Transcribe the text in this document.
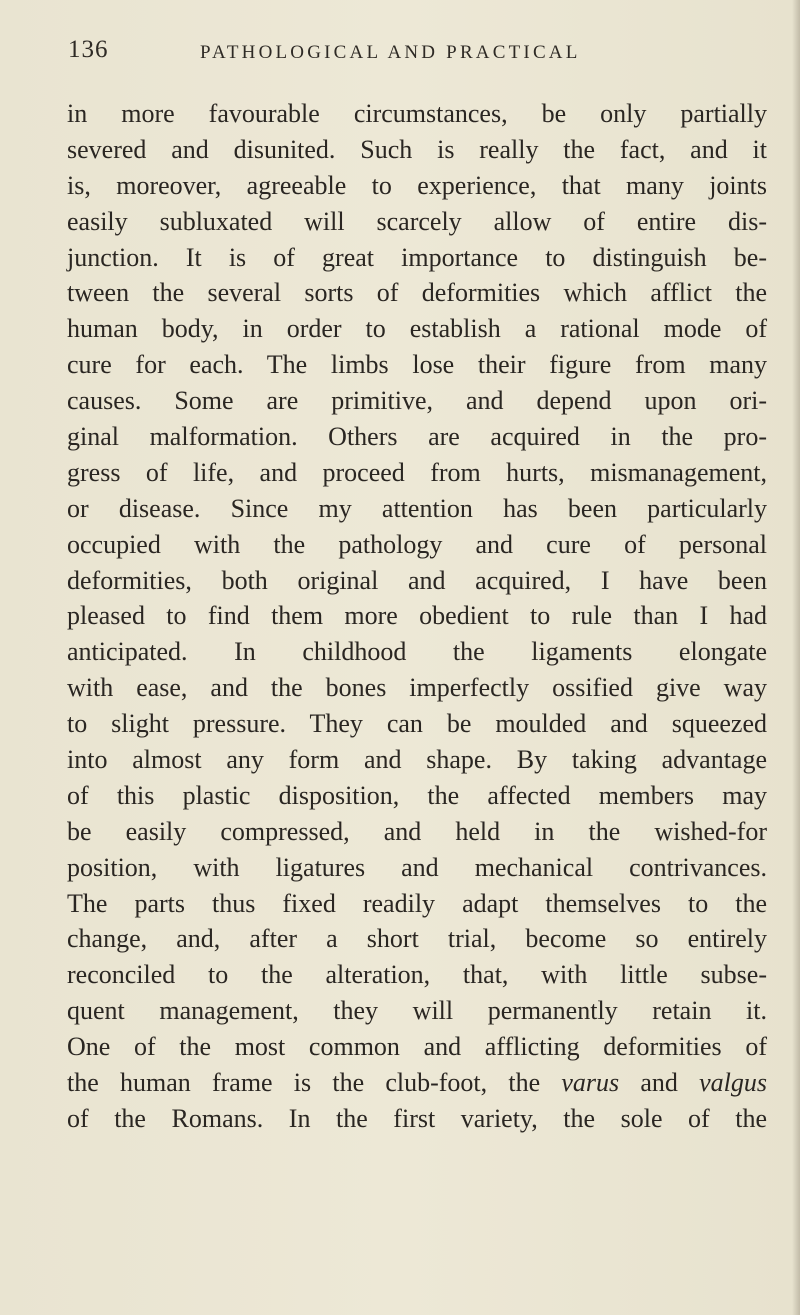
136	PATHOLOGICAL AND PRACTICAL
in more favourable circumstances, be only partially
severed and disunited. Such is really the fact, and it
is, moreover, agreeable to experience, that many joints
easily subluxated will scarcely allow of entire dis-
junction. It is of great importance to distinguish be-
tween the several sorts of deformities which afflict the
human body, in order to establish a rational mode of
cure for each. The limbs lose their figure from many
causes. Some are primitive, and depend upon ori-
ginal malformation. Others are acquired in the pro-
gress of life, and proceed from hurts, mismanagement,
or disease. Since my attention has been particularly
occupied with the pathology and cure of personal
deformities, both original and acquired, I have been
pleased to find them more obedient to rule than I had
anticipated. In childhood the ligaments elongate
with ease, and the bones imperfectly ossified give way
to slight pressure. They can be moulded and squeezed
into almost any form and shape. By taking advantage
of this plastic disposition, the affected members may
be easily compressed, and held in the wished-for
position, with ligatures and mechanical contrivances.
The parts thus fixed readily adapt themselves to the
change, and, after a short trial, become so entirely
reconciled to the alteration, that, with little subse-
quent management, they will permanently retain it.
One of the most common and afflicting deformities of
the human frame is the club-foot, the varus and valgus
of the Romans. In the first variety, the sole of the
